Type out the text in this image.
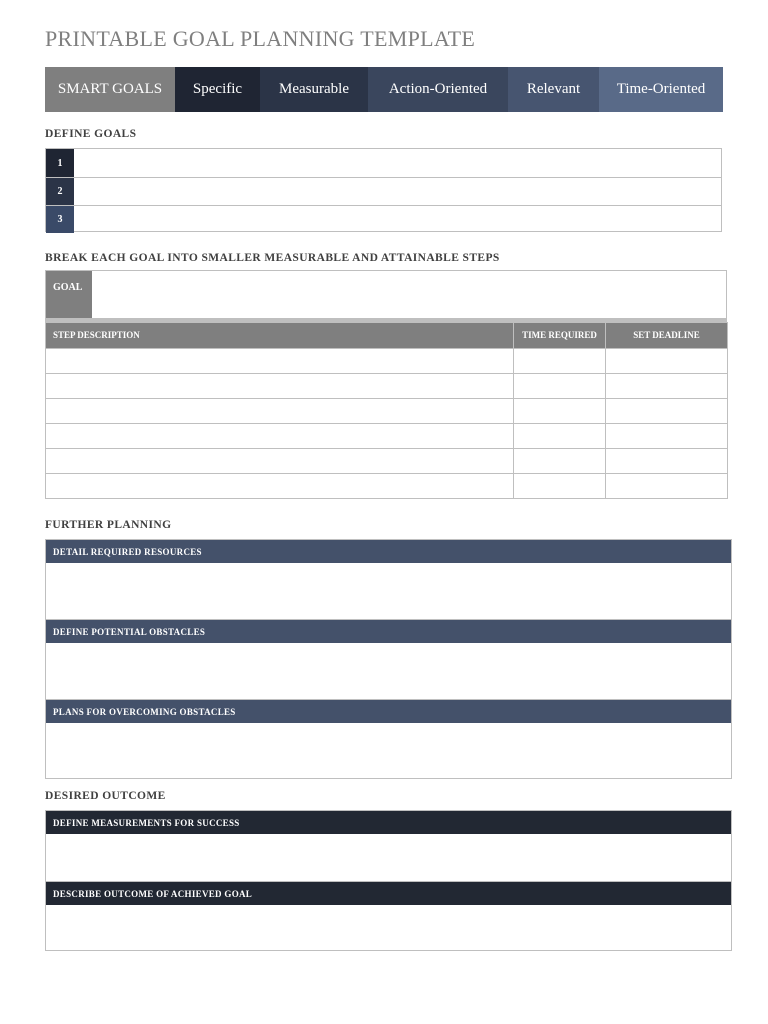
PRINTABLE GOAL PLANNING TEMPLATE
SMART GOALS	Specific	Measurable	Action-Oriented	Relevant	Time-Oriented
DEFINE GOALS
1
2
3
BREAK EACH GOAL INTO SMALLER MEASURABLE AND ATTAINABLE STEPS
GOAL
STEP DESCRIPTION	TIME REQUIRED	SET DEADLINE

FURTHER PLANNING
DETAIL REQUIRED RESOURCES
DEFINE POTENTIAL OBSTACLES
PLANS FOR OVERCOMING OBSTACLES
DESIRED OUTCOME
DEFINE MEASUREMENTS FOR SUCCESS
DESCRIBE OUTCOME OF ACHIEVED GOAL
